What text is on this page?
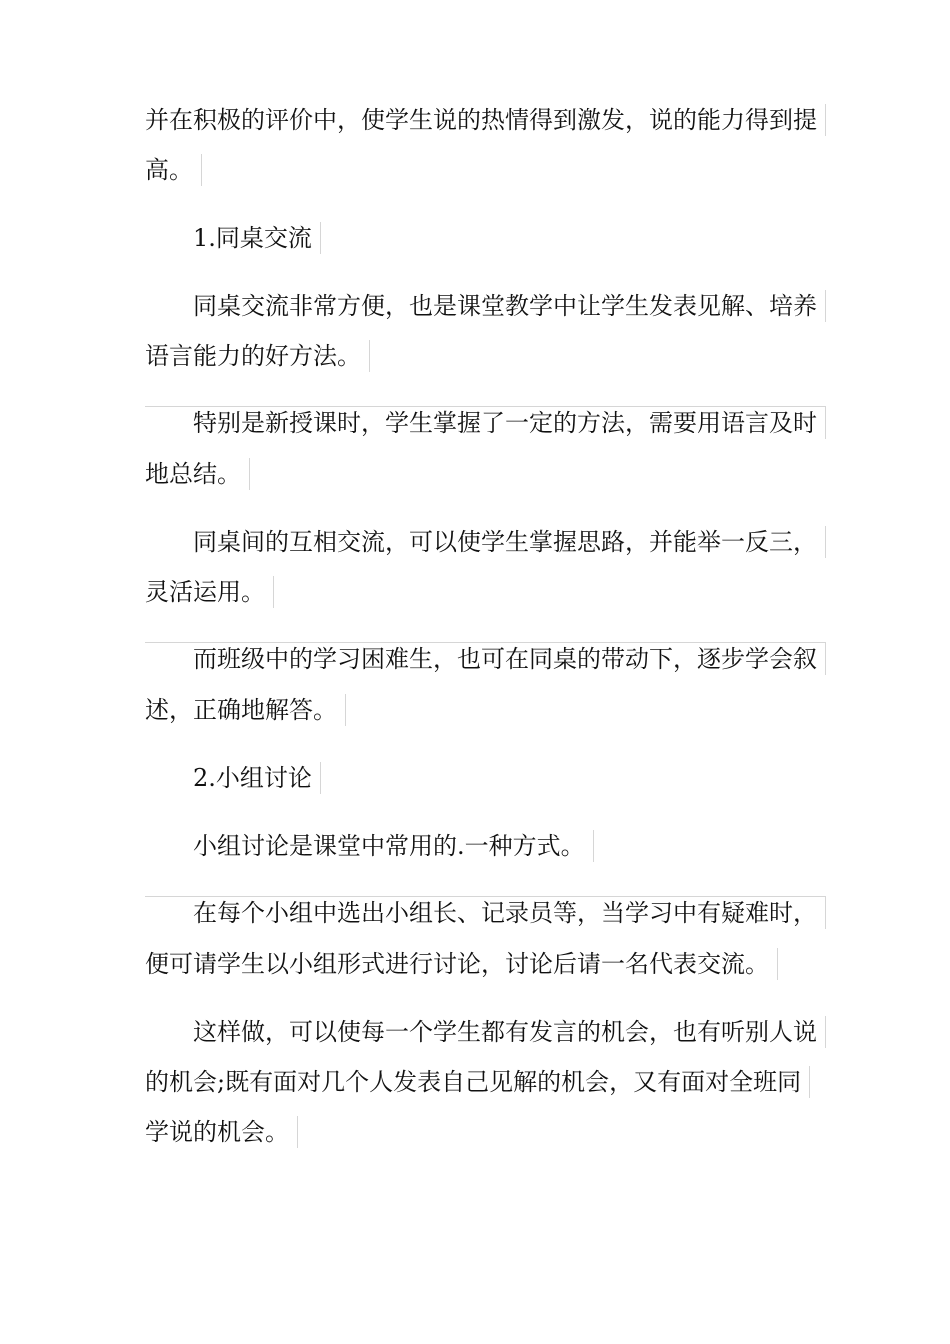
并在积极的评价中，使学生说的热情得到激发，说的能力得到提
高。
1.同桌交流
同桌交流非常方便，也是课堂教学中让学生发表见解、培养
语言能力的好方法。
特别是新授课时，学生掌握了一定的方法，需要用语言及时
地总结。
同桌间的互相交流，可以使学生掌握思路，并能举一反三，
灵活运用。
而班级中的学习困难生，也可在同桌的带动下，逐步学会叙
述，正确地解答。
2.小组讨论
小组讨论是课堂中常用的.一种方式。
在每个小组中选出小组长、记录员等，当学习中有疑难时，
便可请学生以小组形式进行讨论，讨论后请一名代表交流。
这样做，可以使每一个学生都有发言的机会，也有听别人说
的机会;既有面对几个人发表自己见解的机会，又有面对全班同
学说的机会。
